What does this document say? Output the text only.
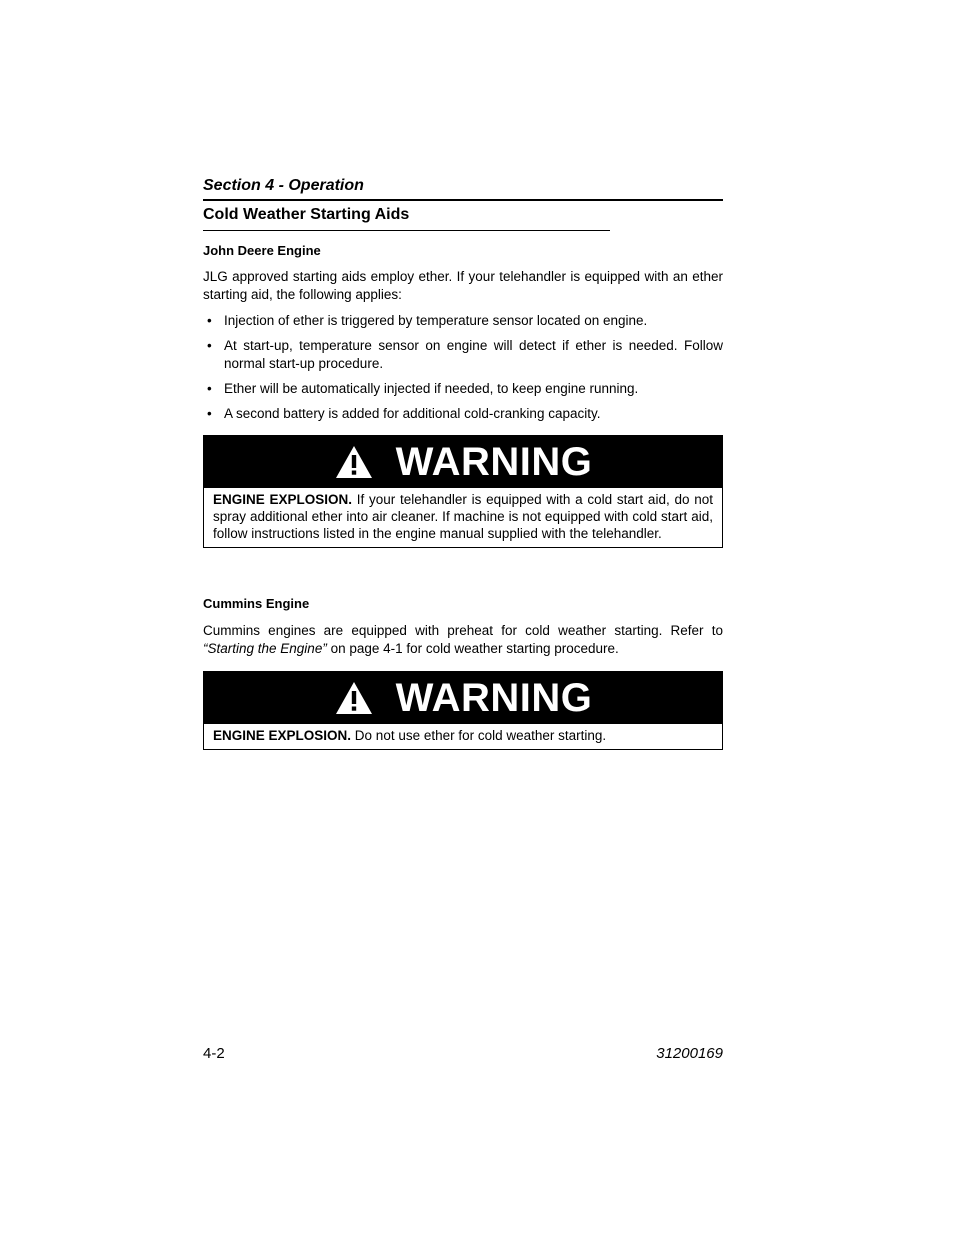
Section 4 - Operation
Cold Weather Starting Aids
John Deere Engine
JLG approved starting aids employ ether. If your telehandler is equipped with an ether starting aid, the following applies:
• Injection of ether is triggered by temperature sensor located on engine.
• At start-up, temperature sensor on engine will detect if ether is needed. Follow normal start-up procedure.
• Ether will be automatically injected if needed, to keep engine running.
• A second battery is added for additional cold-cranking capacity.
WARNING
ENGINE EXPLOSION. If your telehandler is equipped with a cold start aid, do not spray additional ether into air cleaner. If machine is not equipped with cold start aid, follow instructions listed in the engine manual supplied with the telehandler.
Cummins Engine
Cummins engines are equipped with preheat for cold weather starting. Refer to “Starting the Engine” on page 4-1 for cold weather starting procedure.
WARNING
ENGINE EXPLOSION. Do not use ether for cold weather starting.
4-2	31200169
